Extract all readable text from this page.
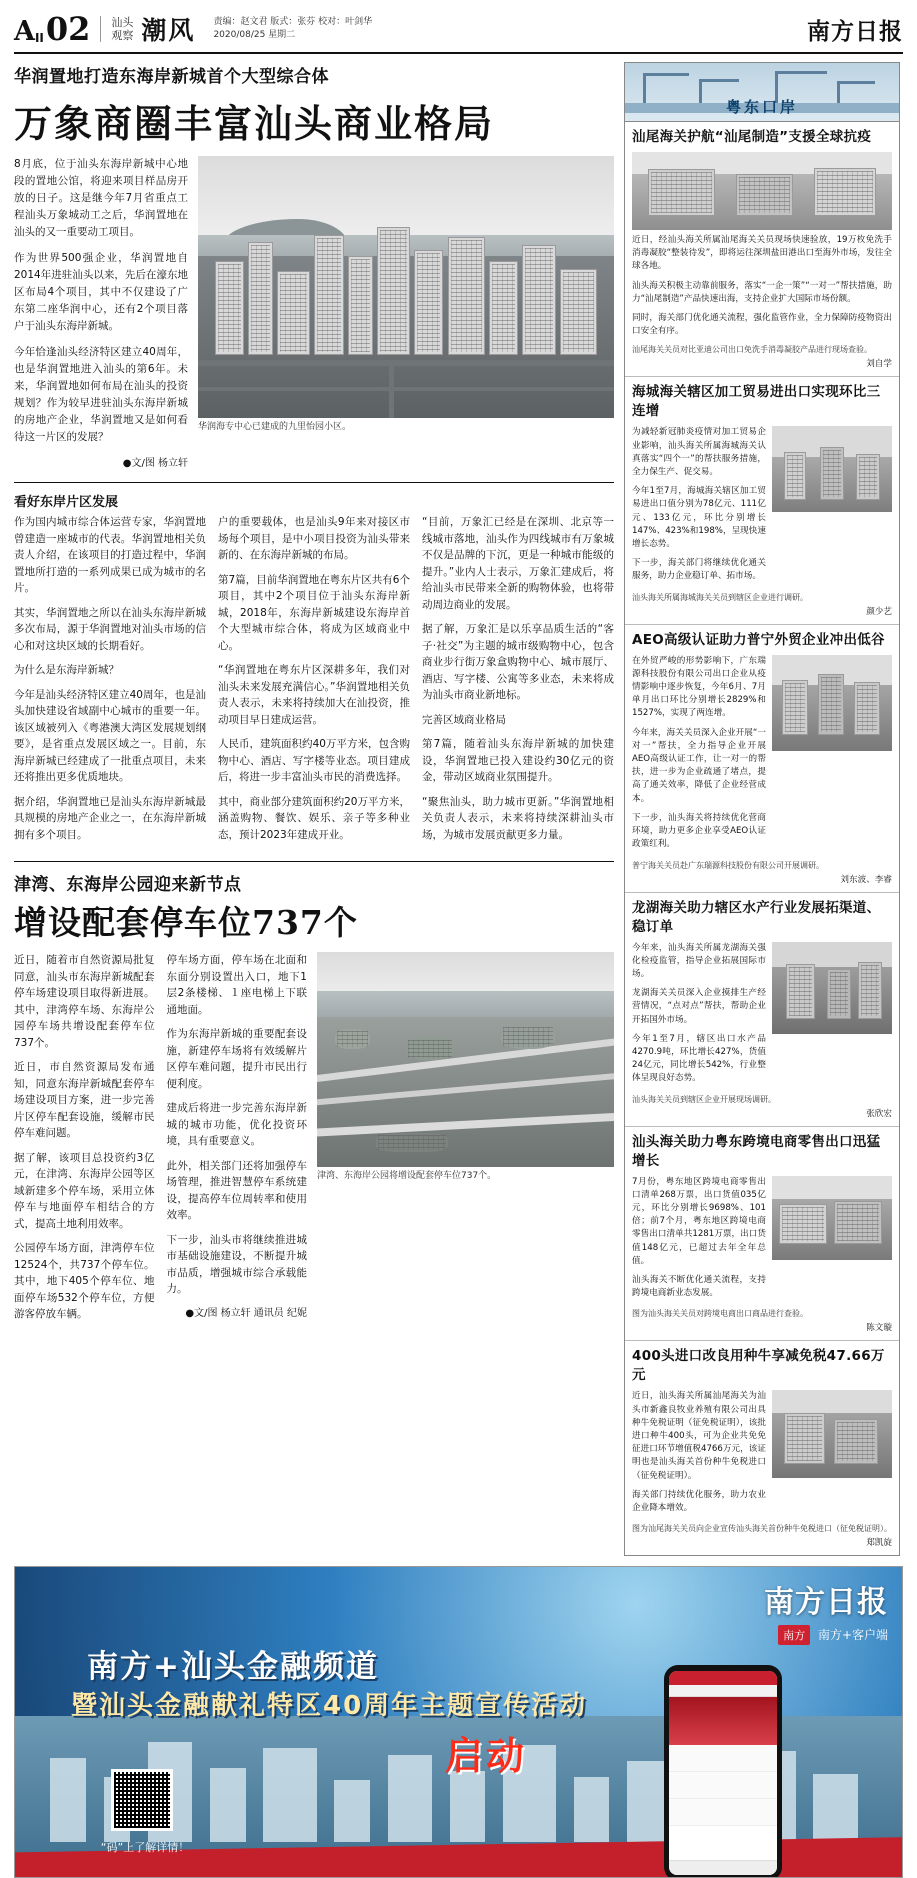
A II 02 汕头
观察 潮风 责编：赵文君 版式：张芬 校对：叶剑华
2020/08/25 星期二	南方日报
华润置地打造东海岸新城首个大型综合体
万象商圈丰富汕头商业格局

8月底，位于汕头东海岸新城中心地段的置地公馆，将迎来项目样品房开放的日子。这是继今年7月省重点工程汕头万象城动工之后，华润置地在汕头的又一重要动工项目。

作为世界500强企业，华润置地自2014年进驻汕头以来，先后在濠东地区布局4个项目，其中不仅建设了广东第二座华润中心，还有2个项目落户于汕头东海岸新城。

今年恰逢汕头经济特区建立40周年，也是华润置地进入汕头的第6年。未来，华润置地如何布局在汕头的投资规划？作为较早进驻汕头东海岸新城的房地产企业，华润置地又是如何看待这一片区的发展？

●文/图 杨立轩
华润海专中心已建成的九里怡园小区。
看好东岸片区发展

作为国内城市综合体运营专家，华润置地曾建造一座城市的代表。华润置地相关负责人介绍，在该项目的打造过程中，华润置地所打造的一系列成果已成为城市的名片。

其实，华润置地之所以在汕头东海岸新城多次布局，源于华润置地对汕头市场的信心和对这块区域的长期看好。

为什么是东海岸新城？

今年是汕头经济特区建立40周年，也是汕头加快建设省域副中心城市的重要一年。该区域被列入《粤港澳大湾区发展规划纲要》，是省重点发展区域之一。目前，东海岸新城已经建成了一批重点项目，未来还将推出更多优质地块。

据介绍，华润置地已是汕头东海岸新城最具规模的房地产企业之一，在东海岸新城拥有多个项目。

户的重要载体，也是汕头9年来对接区市场每个项目，是中小项目投资为汕头带来新的、在东海岸新城的布局。

第7篇，目前华润置地在粤东片区共有6个项目，其中2个项目位于汕头东海岸新城，2018年，东海岸新城建设东海岸首个大型城市综合体，将成为区域商业中心。

“华润置地在粤东片区深耕多年，我们对汕头未来发展充满信心。”华润置地相关负责人表示，未来将持续加大在汕投资，推动项目早日建成运营。

人民币，建筑面积约40万平方米，包含购物中心、酒店、写字楼等业态。项目建成后，将进一步丰富汕头市民的消费选择。

其中，商业部分建筑面积约20万平方米，涵盖购物、餐饮、娱乐、亲子等多种业态，预计2023年建成开业。

“目前，万象汇已经是在深圳、北京等一线城市落地，汕头作为四线城市有万象城不仅是品牌的下沉，更是一种城市能级的提升。”业内人士表示，万象汇建成后，将给汕头市民带来全新的购物体验，也将带动周边商业的发展。

据了解，万象汇是以乐享品质生活的“客子·社交”为主题的城市级购物中心，包含商业步行街万象盒购物中心、城市展厅、酒店、写字楼、公寓等多业态，未来将成为汕头市商业新地标。

完善区域商业格局

第7篇，随着汕头东海岸新城的加快建设，华润置地已投入建设约30亿元的资金，带动区域商业氛围提升。

“聚焦汕头，助力城市更新。”华润置地相关负责人表示，未来将持续深耕汕头市场，为城市发展贡献更多力量。

津湾、东海岸公园迎来新节点
增设配套停车位737个

近日，随着市自然资源局批复同意，汕头市东海岸新城配套停车场建设项目取得新进展。其中，津湾停车场、东海岸公园停车场共增设配套停车位737个。

近日，市自然资源局发布通知，同意东海岸新城配套停车场建设项目方案，进一步完善片区停车配套设施，缓解市民停车难问题。

据了解，该项目总投资约3亿元，在津湾、东海岸公园等区域新建多个停车场，采用立体停车与地面停车相结合的方式，提高土地利用效率。

公园停车场方面，津湾停车位12524个，共737个停车位。其中，地下405个停车位、地面停车场532个停车位，方便游客停放车辆。

停车场方面，停车场在北面和东面分别设置出入口，地下1层2条楼梯、１座电梯上下联通地面。

作为东海岸新城的重要配套设施，新建停车场将有效缓解片区停车难问题，提升市民出行便利度。

建成后将进一步完善东海岸新城的城市功能，优化投资环境，具有重要意义。

此外，相关部门还将加强停车场管理，推进智慧停车系统建设，提高停车位周转率和使用效率。

下一步，汕头市将继续推进城市基础设施建设，不断提升城市品质，增强城市综合承载能力。

●文/图 杨立轩 通讯员 纪妮
津湾、东海岸公园将增设配套停车位737个。
粤东口岸
汕尾海关护航“汕尾制造”支援全球抗疫

近日，经汕头海关所属汕尾海关关员现场快速验放，19万枚免洗手消毒凝胶“整装待发”，即将运往深圳盐田港出口至海外市场，发往全球各地。

汕头海关积极主动靠前服务，落实“一企一策”“一对一”帮扶措施，助力“汕尾制造”产品快速出海，支持企业扩大国际市场份额。

同时，海关部门优化通关流程，强化监管作业，全力保障防疫物资出口安全有序。

汕尾海关关员对比亚迪公司出口免洗手消毒凝胶产品进行现场查验。
刘自学
海城海关辖区加工贸易进出口实现环比三连增

为减轻新冠肺炎疫情对加工贸易企业影响，汕头海关所属海城海关认真落实“四个一”的帮扶服务措施，全力保生产、促交易。

今年1至7月，海城海关辖区加工贸易进出口值分别为78亿元、111亿元、133亿元，环比分别增长147%、423%和198%，呈现快速增长态势。

下一步，海关部门将继续优化通关服务，助力企业稳订单、拓市场。

汕头海关所属海城海关关员到辖区企业进行调研。
颜少艺
AEO高级认证助力普宁外贸企业冲出低谷

在外贸严峻的形势影响下，广东瑞源科技股份有限公司出口企业从疫情影响中逐步恢复，今年6月、7月单月出口环比分别增长2829%和1527%，实现了两连增。

今年来，海关关员深入企业开展“一对一”帮扶，全力指导企业开展AEO高级认证工作，让一对一的帮扶，进一步为企业疏通了堵点，提高了通关效率，降低了企业经营成本。

下一步，汕头海关将持续优化营商环境，助力更多企业享受AEO认证政策红利。

普宁海关关员赴广东瑞源科技股份有限公司开展调研。
刘东波、李睿
龙湖海关助力辖区水产行业发展拓渠道、稳订单

今年来，汕头海关所属龙湖海关强化检疫监管，指导企业拓展国际市场。

龙湖海关关员深入企业摸排生产经营情况，“点对点”帮扶，帮助企业开拓国外市场。

今年1至7月，辖区出口水产品4270.9吨，环比增长427%，货值24亿元，同比增长542%，行业整体呈现良好态势。

汕头海关关员到辖区企业开展现场调研。
张欣宏
汕头海关助力粤东跨境电商零售出口迅猛增长

7月份，粤东地区跨境电商零售出口清单268万票，出口货值035亿元，环比分别增长9698%、101倍；前7个月，粤东地区跨境电商零售出口清单共1281万票，出口货值148亿元，已超过去年全年总值。

汕头海关不断优化通关流程，支持跨境电商新业态发展。

图为汕头海关关员对跨境电商出口商品进行查验。
陈文璇
400头进口改良用种牛享减免税47.66万元

近日，汕头海关所属汕尾海关为汕头市新鑫良牧业养殖有限公司出具种牛免税证明（征免税证明），该批进口种牛400头，可为企业共免免征进口环节增值税4766万元，该证明也是汕头海关首份种牛免税进口（征免税证明）。

海关部门持续优化服务，助力农业企业降本增效。

图为汕尾海关关员向企业宣传汕头海关首份种牛免税进口（征免税证明）。
郑凯旋
南方日报
南方 南方+客户端
南方+汕头金融频道
暨汕头金融献礼特区40周年主题宣传活动
启动
“码”上了解详情！
